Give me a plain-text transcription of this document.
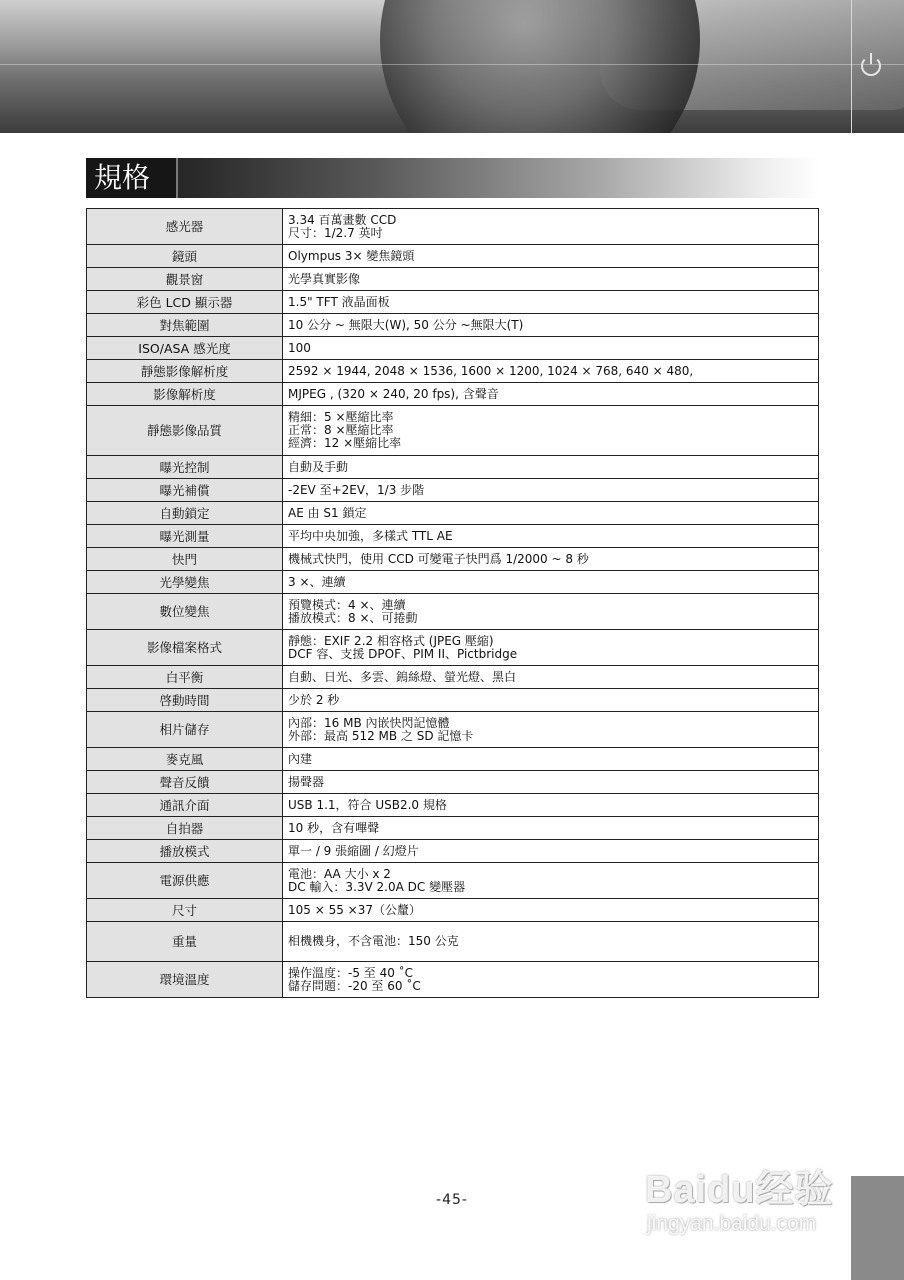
規格
感光器	3.34 百萬畫數 CCD
尺寸：1/2.7 英吋
鏡頭	Olympus 3× 變焦鏡頭
觀景窗	光學真實影像
彩色 LCD 顯示器	1.5" TFT 液晶面板
對焦範圍	10 公分 ~ 無限大(W), 50 公分 ~無限大(T)
ISO/ASA 感光度	100
靜態影像解析度	2592 × 1944, 2048 × 1536, 1600 × 1200, 1024 × 768, 640 × 480,
影像解析度	MJPEG , (320 × 240, 20 fps), 含聲音
靜態影像品質	精細：5 ×壓縮比率
正常：8 ×壓縮比率
經濟：12 ×壓縮比率
曝光控制	自動及手動
曝光補償	-2EV 至+2EV，1/3 步階
自動鎖定	AE 由 S1 鎖定
曝光測量	平均中央加強，多樣式 TTL AE
快門	機械式快門，使用 CCD 可變電子快門爲 1/2000 ~ 8 秒
光學變焦	3 ×、連續
數位變焦	預覽模式：4 ×、連續
播放模式：8 ×、可捲動
影像檔案格式	靜態：EXIF 2.2 相容格式 (JPEG 壓縮)
DCF 容、支援 DPOF、PIM II、Pictbridge
白平衡	自動、日光、多雲、鎢絲燈、螢光燈、黑白
啓動時間	少於 2 秒
相片儲存	內部：16 MB 內嵌快閃記憶體
外部：最高 512 MB 之 SD 記憶卡
麥克風	內建
聲音反饋	揚聲器
通訊介面	USB 1.1，符合 USB2.0 規格
自拍器	10 秒，含有嗶聲
播放模式	單一 / 9 張縮圖 / 幻燈片
電源供應	電池：AA 大小 x 2
DC 輸入：3.3V 2.0A DC 變壓器
尺寸	105 × 55 ×37（公釐）
重量	相機機身，不含電池：150 公克
環境溫度	操作溫度：-5 至 40 ˚C
儲存問題：-20 至 60 ˚C
-45-	Baidu经验
jingyan.baidu.com
